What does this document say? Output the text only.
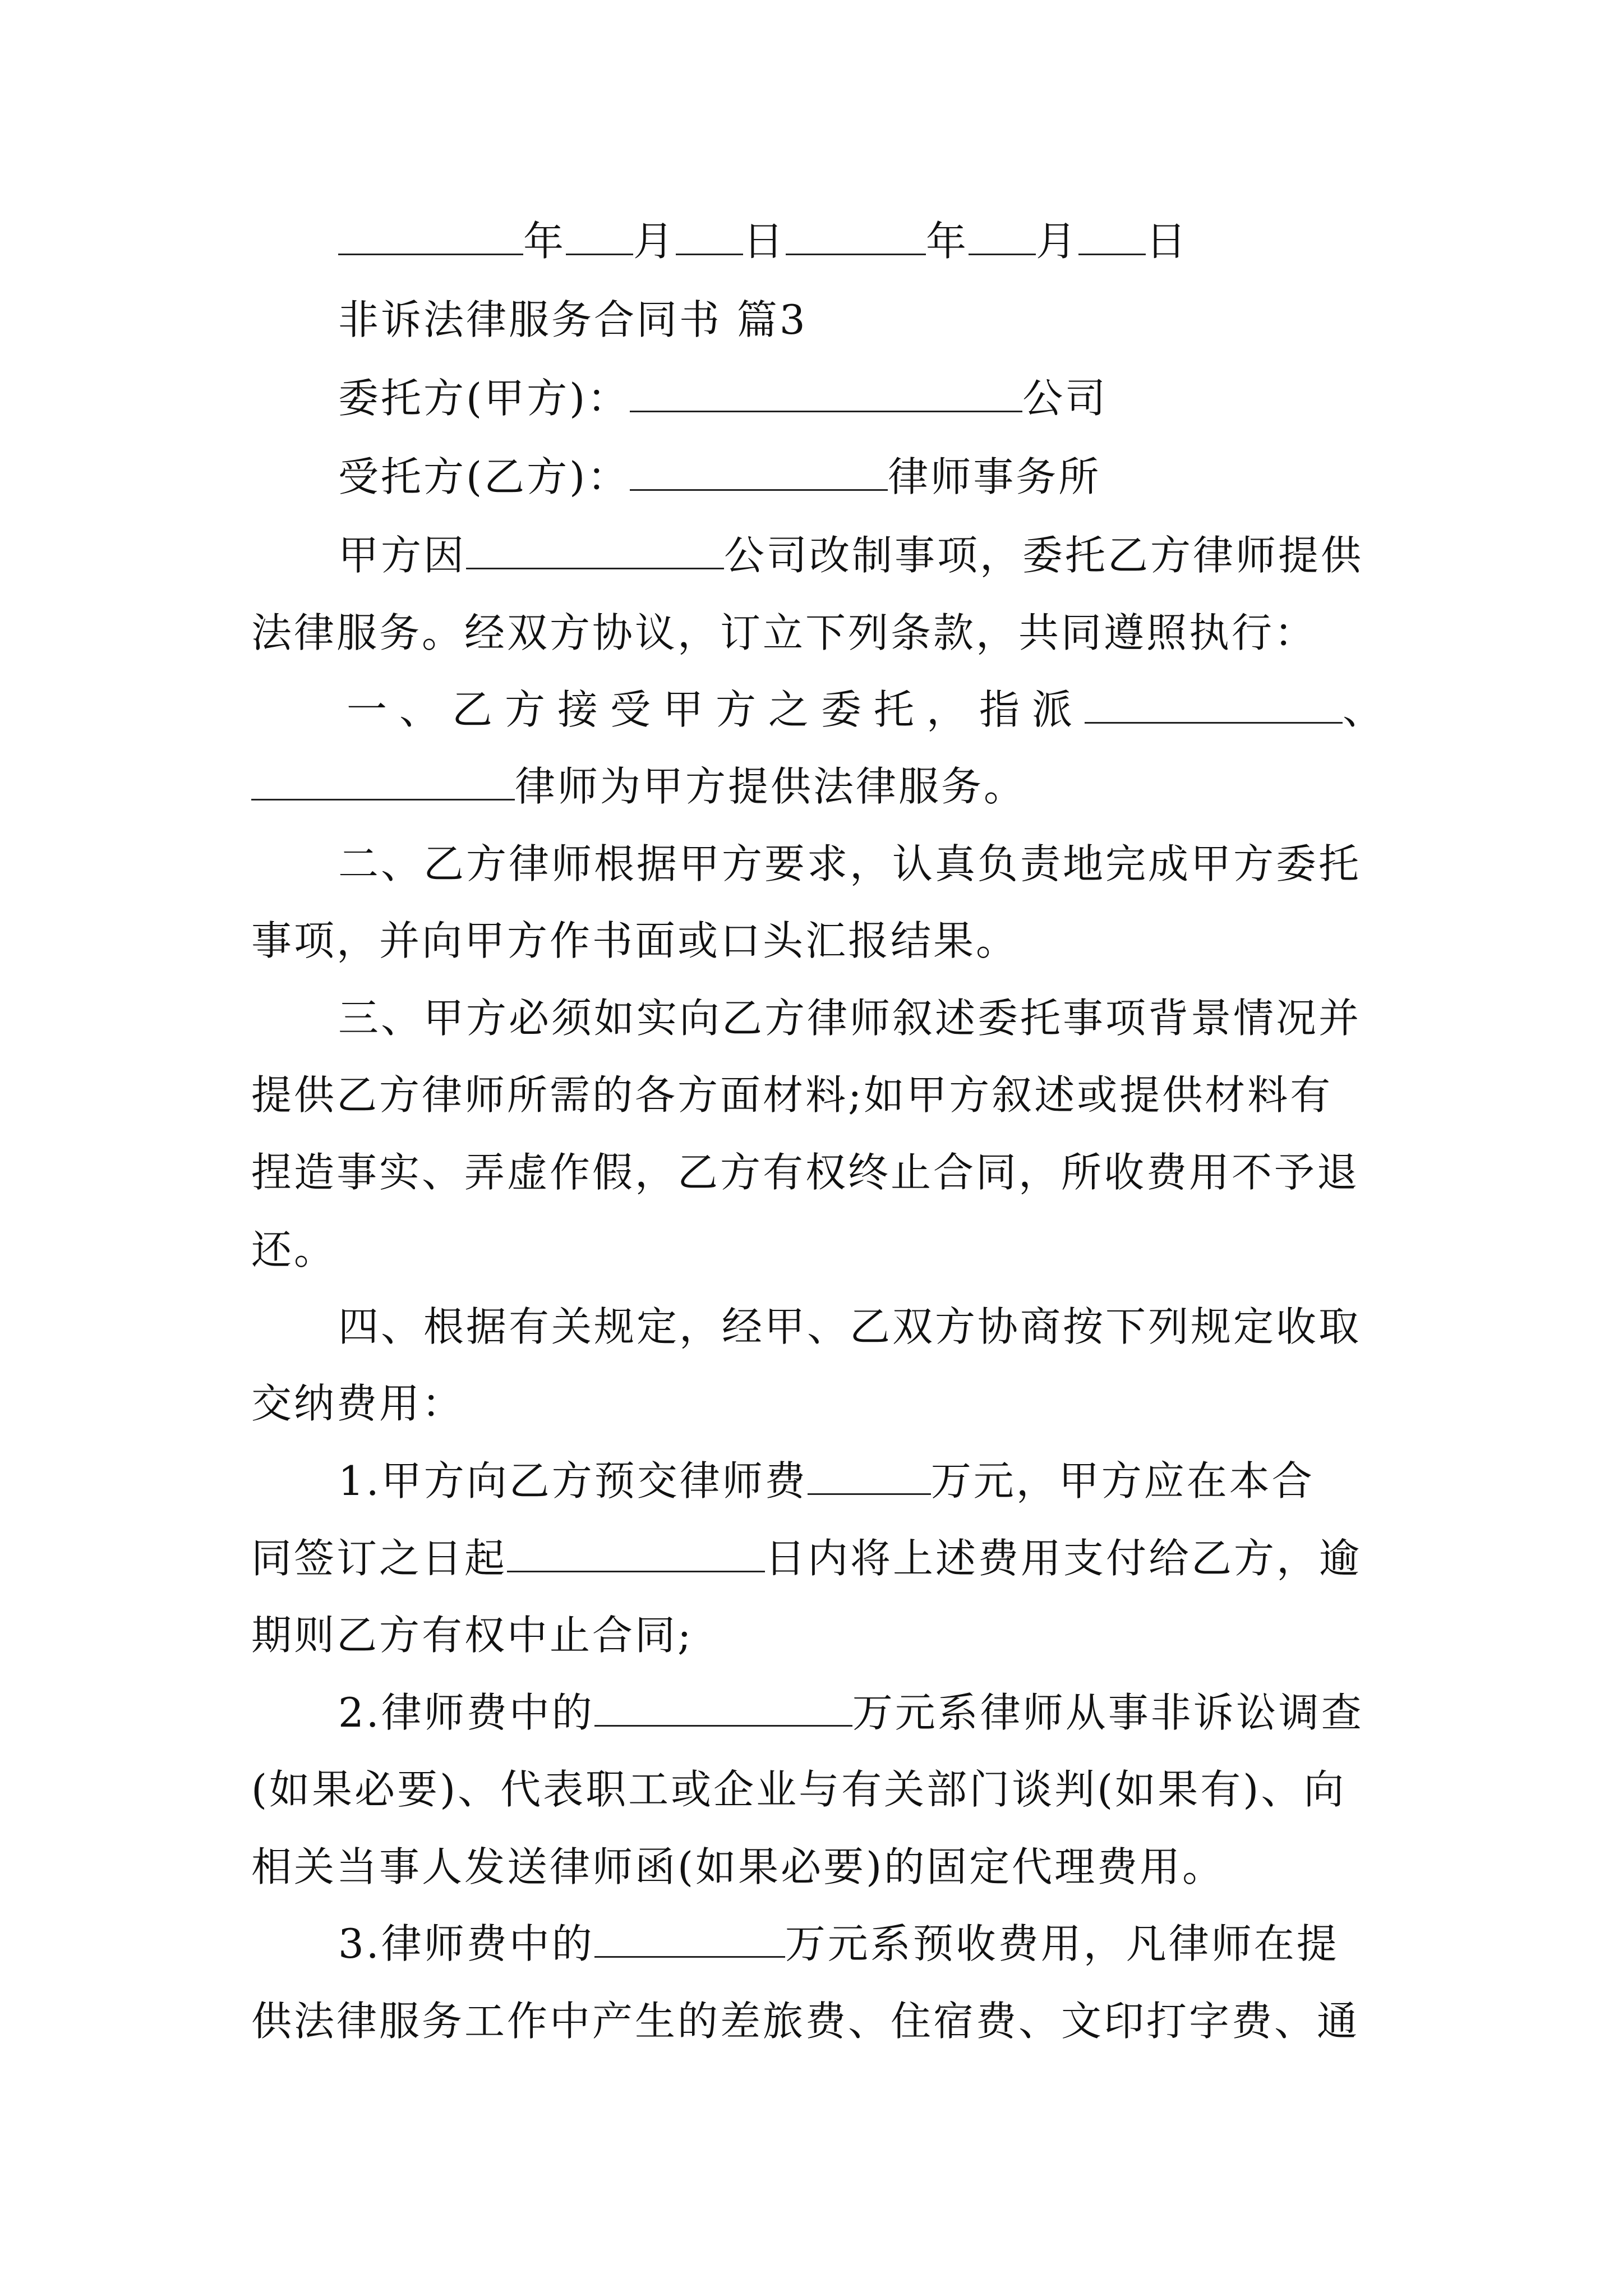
年 月 日	年 月 日
非诉法律服务合同书 篇3
委托方(甲方)：	公司
受托方(乙方)：	律师事务所
甲方因	公司改制事项，委托乙方律师提供
法律服务。经双方协议，订立下列条款，共同遵照执行：
一、乙方接受甲方之委托，指派	、
律师为甲方提供法律服务。
二、乙方律师根据甲方要求，认真负责地完成甲方委托
事项，并向甲方作书面或口头汇报结果。
三、甲方必须如实向乙方律师叙述委托事项背景情况并
提供乙方律师所需的各方面材料;如甲方叙述或提供材料有
捏造事实、弄虚作假，乙方有权终止合同，所收费用不予退
还。
四、根据有关规定，经甲、乙双方协商按下列规定收取
交纳费用：
1.甲方向乙方预交律师费	万元，甲方应在本合
同签订之日起	日内将上述费用支付给乙方，逾
期则乙方有权中止合同;
2.律师费中的	万元系律师从事非诉讼调查
(如果必要)、代表职工或企业与有关部门谈判(如果有)、向
相关当事人发送律师函(如果必要)的固定代理费用。
3.律师费中的	万元系预收费用，凡律师在提
供法律服务工作中产生的差旅费、住宿费、文印打字费、通
